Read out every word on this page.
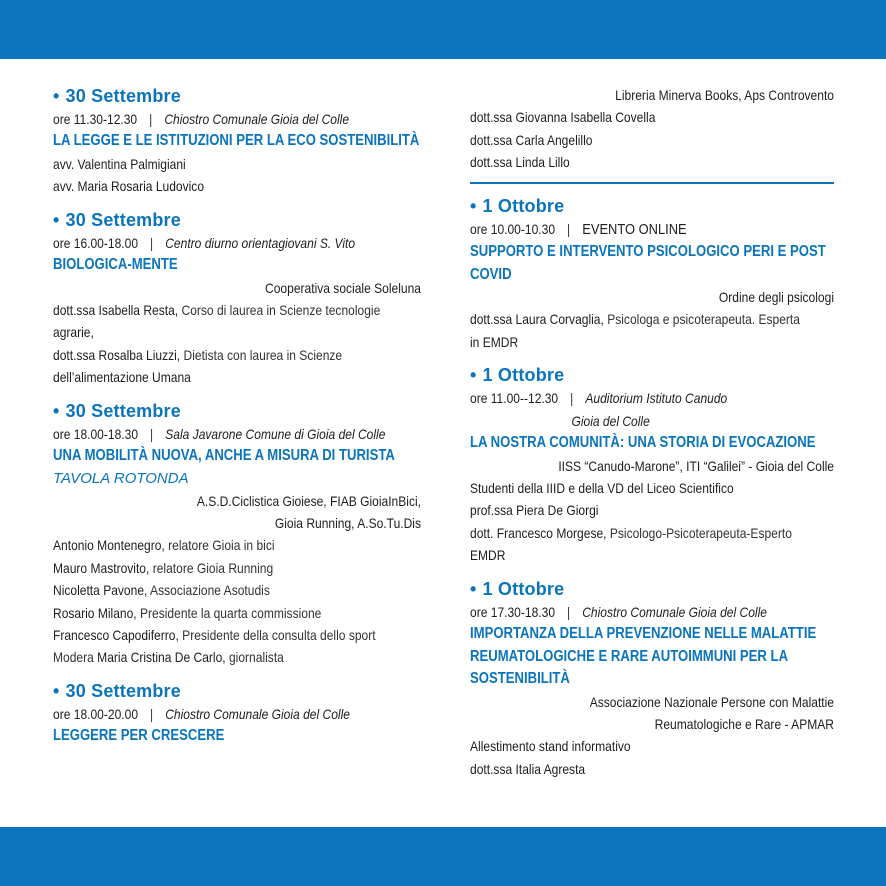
• 30 Settembre
ore 11.30-12.30 | Chiostro Comunale Gioia del Colle
LA LEGGE E LE ISTITUZIONI PER LA ECO SOSTENIBILITÀ
avv. Valentina Palmigiani
avv. Maria Rosaria Ludovico
• 30 Settembre
ore 16.00-18.00 | Centro diurno orientagiovani S. Vito
BIOLOGICA-MENTE
Cooperativa sociale Soleluna
dott.ssa Isabella Resta, Corso di laurea in Scienze tecnologie
agrarie,
dott.ssa Rosalba Liuzzi, Dietista con laurea in Scienze
dell’alimentazione Umana
• 30 Settembre
ore 18.00-18.30 | Sala Javarone Comune di Gioia del Colle
UNA MOBILITÀ NUOVA, ANCHE A MISURA DI TURISTA
TAVOLA ROTONDA
A.S.D.Ciclistica Gioiese, FIAB GioiaInBici,
Gioia Running, A.So.Tu.Dis
Antonio Montenegro, relatore Gioia in bici
Mauro Mastrovito, relatore Gioia Running
Nicoletta Pavone, Associazione Asotudis
Rosario Milano, Presidente la quarta commissione
Francesco Capodiferro, Presidente della consulta dello sport
Modera Maria Cristina De Carlo, giornalista
• 30 Settembre
ore 18.00-20.00 | Chiostro Comunale Gioia del Colle
LEGGERE PER CRESCERE
Libreria Minerva Books, Aps Controvento
dott.ssa Giovanna Isabella Covella
dott.ssa Carla Angelillo
dott.ssa Linda Lillo
• 1 Ottobre
ore 10.00-10.30 | EVENTO ONLINE
SUPPORTO E INTERVENTO PSICOLOGICO PERI E POST COVID
Ordine degli psicologi
dott.ssa Laura Corvaglia, Psicologa e psicoterapeuta. Esperta
in EMDR
• 1 Ottobre
ore 11.00--12.30 | Auditorium Istituto Canudo
Gioia del Colle
LA NOSTRA COMUNITÀ: UNA STORIA DI EVOCAZIONE
IISS “Canudo-Marone”, ITI “Galilei” - Gioia del Colle
Studenti della IIID e della VD del Liceo Scientifico
prof.ssa Piera De Giorgi
dott. Francesco Morgese, Psicologo-Psicoterapeuta-Esperto
EMDR
• 1 Ottobre
ore 17.30-18.30 | Chiostro Comunale Gioia del Colle
IMPORTANZA DELLA PREVENZIONE NELLE MALATTIE REUMATOLOGICHE E RARE AUTOIMMUNI PER LA SOSTENIBILITÀ
Associazione Nazionale Persone con Malattie
Reumatologiche e Rare - APMAR
Allestimento stand informativo
dott.ssa Italia Agresta
